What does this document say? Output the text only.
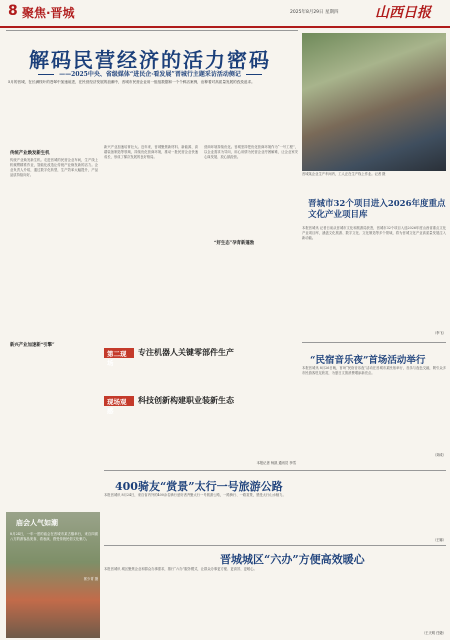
8 聚焦·晋城	2025年8月29日 星期四	山西日报
解码民营经济的活力密码
——2025中央、省级媒体“进民企·看发展”晋城行主题采访活动侧记
5月的晋城，在长满枝叶的苍翠中加速前进，在民营经济发展的浪潮中，晋城市民营企业用一组组数据和一个个鲜活案例，诠释着对高质量发展的孜孜追求。
传统产业焕发新生机
传统产业焕发新生机。走进晋城的民营企业车间，生产线上机械臂精准作业，智能化改造让传统产业焕发新的活力。企业负责人介绍，通过数字化转型，生产效率大幅提升，产品品质持续向好。
新兴产业加速培育壮大。近年来，晋城聚焦新材料、新能源、高端装备制造等领域，持续优化营商环境，推动一批民营企业快速成长，形成了梯次发展的良好格局。
营商环境持续优化。晋城坚持把优化营商环境作为“一号工程”，以企业需求为导向，用心用情为民营企业纾困解难，让企业家安心谋发展、放心搞经营。
“好生态”孕育新蓬勃
新兴产业加速新“引擎”
第二现场
专注机器人关键零部件生产
现场观感
科技创新构建职业装新生态
本报记者 杨凯 通讯员 李雪
晋城某企业生产车间内，工人正在生产线上作业。记者 摄
晋城市32个项目进入2026年度重点文化产业项目库
本报晋城讯 记者日前从晋城市文化和旅游局获悉，晋城市32个项目入选2026年度山西省重点文化产业项目库，涵盖文化旅游、数字文化、文化制造等多个领域，将为晋城文化产业高质量发展注入新动能。
（李飞）
“民宿音乐夜”首场活动举行
本报晋城讯 8月26日晚，首场“民宿音乐夜”活动在晋城市某民宿举行，音乐与夜色交融，吸引众多市民游客驻足欣赏，为夏日文旅消费增添新亮点。
（刘成）
400骑友“赏景”太行一号旅游公路
本报晋城讯 8月24日，来自省内外的400余名骑行爱好者齐聚太行一号旅游公路，一路骑行、一路赏景，感受太行山水魅力。
（王娜）
晋城城区“六办”方便高效暖心
本报晋城讯 城区聚焦企业和群众办事需求，推行“六办”服务模式，让群众办事更方便、更高效、更暖心。
（王天明 任婕）
庙会人气如潮
8月24日，一年一度的庙会在晋城市某古镇举行，来自四面八方的游客品美食、看表演，感受传统民俗文化魅力。
郭少青 摄
